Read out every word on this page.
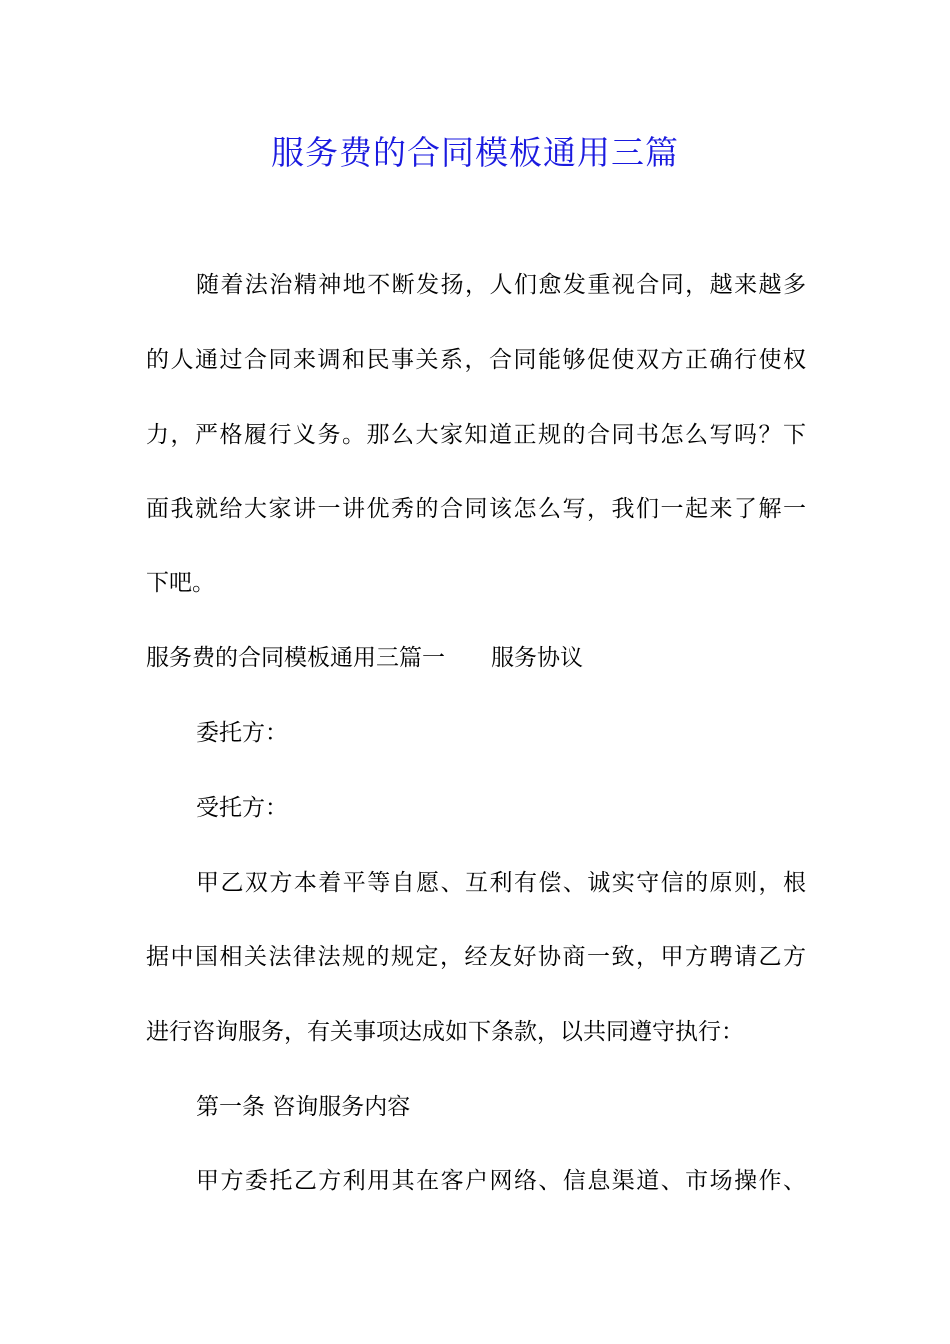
服务费的合同模板通用三篇
随着法治精神地不断发扬，人们愈发重视合同，越来越多
的人通过合同来调和民事关系，合同能够促使双方正确行使权
力，严格履行义务。那么大家知道正规的合同书怎么写吗？下
面我就给大家讲一讲优秀的合同该怎么写，我们一起来了解一
下吧。
服务费的合同模板通用三篇一　　服务协议
委托方：
受托方：
甲乙双方本着平等自愿、互利有偿、诚实守信的原则，根
据中国相关法律法规的规定，经友好协商一致，甲方聘请乙方
进行咨询服务，有关事项达成如下条款，以共同遵守执行：
第一条 咨询服务内容
甲方委托乙方利用其在客户网络、信息渠道、市场操作、
